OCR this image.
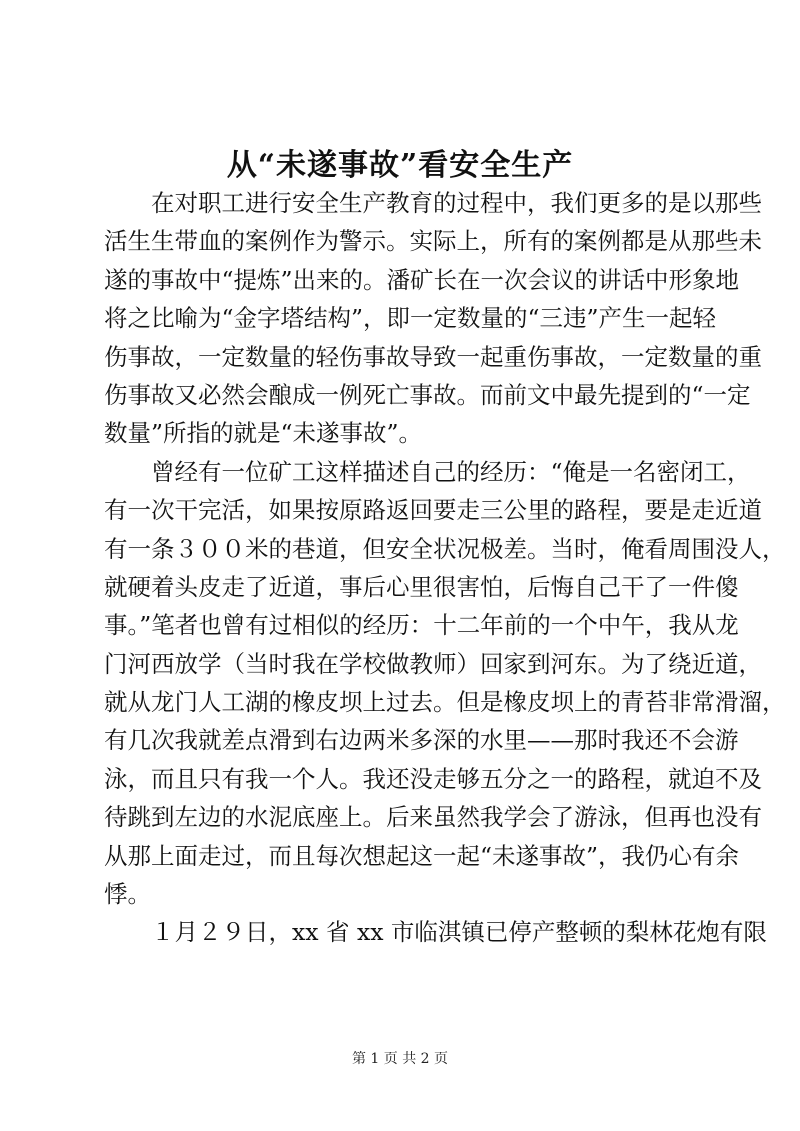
从“未遂事故”看安全生产
　　在对职工进行安全生产教育的过程中，我们更多的是以那些
活生生带血的案例作为警示。实际上，所有的案例都是从那些未
遂的事故中“提炼”出来的。潘矿长在一次会议的讲话中形象地
将之比喻为“金字塔结构”，即一定数量的“三违”产生一起轻
伤事故，一定数量的轻伤事故导致一起重伤事故，一定数量的重
伤事故又必然会酿成一例死亡事故。而前文中最先提到的“一定
数量”所指的就是“未遂事故”。
　　曾经有一位矿工这样描述自己的经历：“俺是一名密闭工，
有一次干完活，如果按原路返回要走三公里的路程，要是走近道
有一条３００米的巷道，但安全状况极差。当时，俺看周围没人，
就硬着头皮走了近道，事后心里很害怕，后悔自己干了一件傻
事。”笔者也曾有过相似的经历：十二年前的一个中午，我从龙
门河西放学（当时我在学校做教师）回家到河东。为了绕近道，
就从龙门人工湖的橡皮坝上过去。但是橡皮坝上的青苔非常滑溜，
有几次我就差点滑到右边两米多深的水里——那时我还不会游
泳，而且只有我一个人。我还没走够五分之一的路程，就迫不及
待跳到左边的水泥底座上。后来虽然我学会了游泳，但再也没有
从那上面走过，而且每次想起这一起“未遂事故”，我仍心有余
悸。
　　１月２９日，xx 省 xx 市临淇镇已停产整顿的梨林花炮有限
第 1 页 共 2 页
